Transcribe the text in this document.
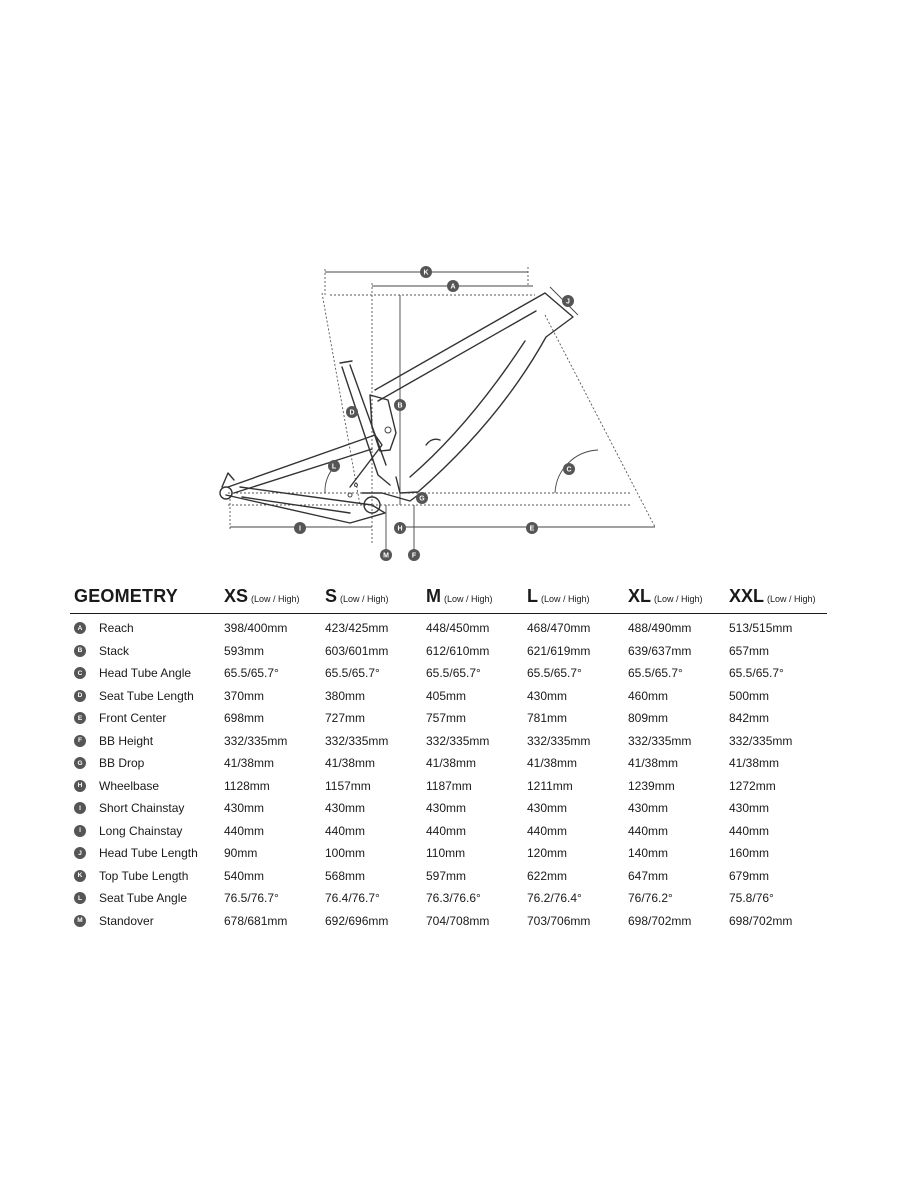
K
A
J
B
D
L	C
G
I	H	E
M	F
GEOMETRY	XS (Low / High)	S (Low / High)	M (Low / High)	L (Low / High)	XL (Low / High)	XXL (Low / High)

A Reach	398/400mm	423/425mm	448/450mm	468/470mm	488/490mm	513/515mm

B Stack	593mm	603/601mm	612/610mm	621/619mm	639/637mm	657mm

C Head Tube Angle	65.5/65.7°	65.5/65.7°	65.5/65.7°	65.5/65.7°	65.5/65.7°	65.5/65.7°

D Seat Tube Length	370mm	380mm	405mm	430mm	460mm	500mm

E Front Center	698mm	727mm	757mm	781mm	809mm	842mm

F BB Height	332/335mm	332/335mm	332/335mm	332/335mm	332/335mm	332/335mm

G BB Drop	41/38mm	41/38mm	41/38mm	41/38mm	41/38mm	41/38mm

H Wheelbase	1128mm	1157mm	1187mm	1211mm	1239mm	1272mm

I Short Chainstay	430mm	430mm	430mm	430mm	430mm	430mm

I Long Chainstay	440mm	440mm	440mm	440mm	440mm	440mm

J Head Tube Length	90mm	100mm	110mm	120mm	140mm	160mm

K Top Tube Length	540mm	568mm	597mm	622mm	647mm	679mm

L Seat Tube Angle	76.5/76.7°	76.4/76.7°	76.3/76.6°	76.2/76.4°	76/76.2°	75.8/76°

M Standover	678/681mm	692/696mm	704/708mm	703/706mm	698/702mm	698/702mm
